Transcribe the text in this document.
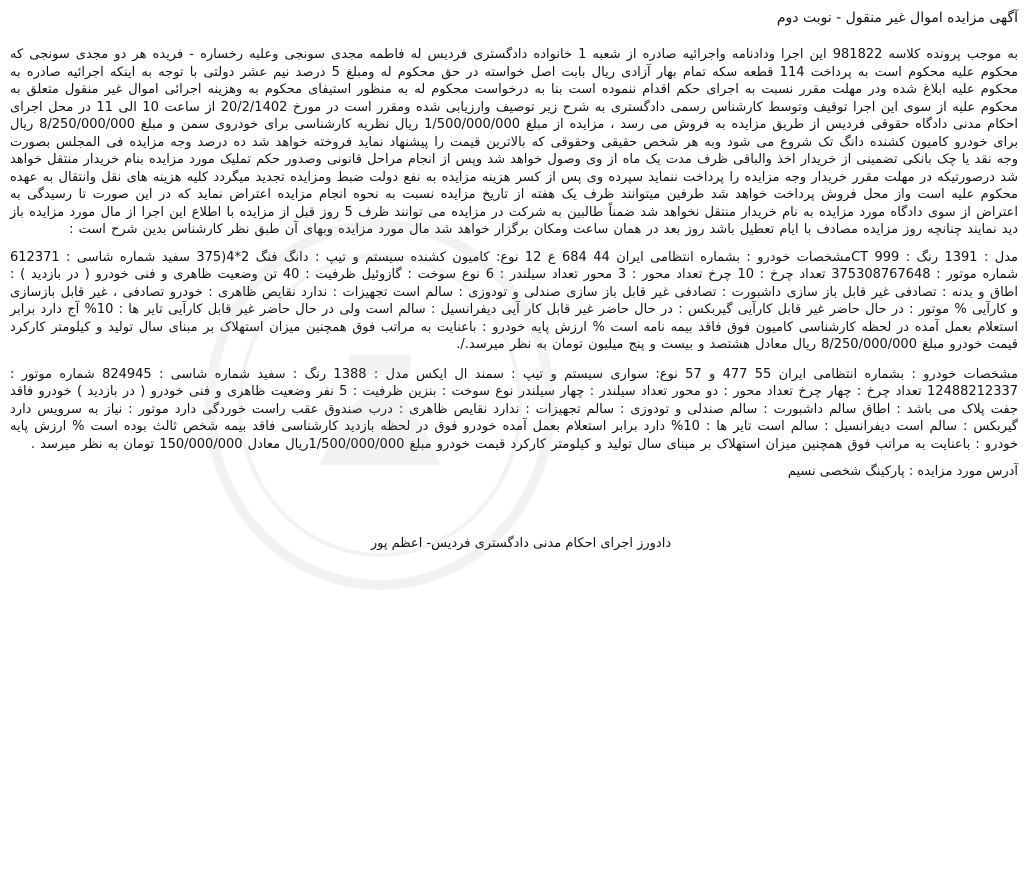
آگهی مزایده اموال غیر منقول - نوبت دوم
به موجب پرونده کلاسه 981822 این اجرا ودادنامه واجرائیه صادره از شعبه 1 خانواده دادگستری فردیس له فاطمه مجدی سونجی وعلیه رخساره - فریده هر دو مجدی سونجی که محکوم علیه محکوم است به پرداخت 114 قطعه سکه تمام بهار آزادی ریال بابت اصل خواسته در حق محکوم له ومبلغ 5 درصد نیم عشر دولتی با توجه به اینکه اجرائیه صادره به محکوم علیه ابلاغ شده ودر مهلت مقرر نسبت به اجرای حکم اقدام ننموده است بنا به درخواست محکوم له به منظور استیفای محکوم به وهزینه اجرائی اموال غیر منقول متعلق به محکوم علیه از سوی این اجرا توقیف وتوسط کارشناس رسمی دادگستری به شرح زیر توصیف وارزیابی شده ومقرر است در مورخ 20/2/1402 از ساعت 10 الی 11 در محل اجرای احکام مدنی دادگاه حقوقی فردیس از طریق مزایده به فروش می رسد ، مزایده از مبلغ 1/500/000/000 ریال نظریه کارشناسی برای خودروی سمن و مبلغ 8/250/000/000 ریال برای خودرو کامیون کشنده دانگ تک شروع می شود وبه هر شخص حقیقی وحقوقی که بالاترین قیمت را پیشنهاد نماید فروخته خواهد شد ده درصد وجه مزایده فی المجلس بصورت وجه نقد یا چک بانکی تضمینی از خریدار اخذ والباقی ظرف مدت یک ماه از وی وصول خواهد شد وپس از انجام مراحل قانونی وصدور حکم تملیک مورد مزایده بنام خریدار منتقل خواهد شد درصورتیکه در مهلت مقرر خریدار وجه مزایده را پرداخت ننماید سپرده وی پس از کسر هزینه مزایده به نفع دولت ضبط ومزایده تجدید میگردد کلیه هزینه های نقل وانتقال به عهده محکوم علیه است واز محل فروش پرداخت خواهد شد طرفین میتوانند ظرف یک هفته از تاریخ مزایده نسبت به نحوه انجام مزایده اعتراض نماید که در این صورت تا رسیدگی به اعتراض از سوی دادگاه مورد مزایده به نام خریدار منتقل نخواهد شد ضمناً طالبین به شرکت در مزایده می توانند ظرف 5 روز قبل از مزایده با اطلاع این اجرا از مال مورد مزایده باز دید نمایند چنانچه روز مزایده مصادف با ایام تعطیل باشد روز بعد در همان ساعت ومکان برگزار خواهد شد مال مورد مزایده وبهای آن طبق نظر کارشناس بدین شرح است :
مدل : 1391 رنگ : CT 999مشخصات خودرو : بشماره انتظامی ایران 44 684 ع 12 نوع: کامیون کشنده سیستم و تیپ : دانگ فنگ 2*4(375 سفید شماره شاسی : 612371 شماره موتور : 375308767648 تعداد چرخ : 10 چرخ تعداد محور : 3 محور تعداد سیلندر : 6 نوع سوخت : گازوئیل ظرفیت : 40 تن وضعیت ظاهری و فنی خودرو ( در بازدید ) : اطاق و بدنه : تصادفی غیر قابل باز سازی داشبورت : تصادفی غیر قابل باز سازی صندلی و تودوزی : سالم است تجهیزات : ندارد نقایص ظاهری : خودرو تصادفی ، غیر قابل بازسازی و کارآیی % موتور : در حال حاضر غیر قابل کارآیی گیربکس : در حال حاضر غیر قابل کار آیی دیفرانسیل : سالم است ولی در حال حاضر غیر قابل کارآیی تایر ها : 10% آج دارد برابر استعلام بعمل آمده در لحظه کارشناسی کامیون فوق فاقد بیمه نامه است % ارزش پایه خودرو : باعنایت به مراتب فوق همچنین میزان استهلاک بر مبنای سال تولید و کیلومتر کارکرد قیمت خودرو مبلغ 8/250/000/000 ریال معادل هشتصد و بیست و پنج میلیون تومان به نظر میرسد./.
مشخصات خودرو : بشماره انتظامی ایران 55 477 و 57 نوع: سواری سیستم و تیپ : سمند ال ایکس مدل : 1388 رنگ : سفید شماره شاسی : 824945 شماره موتور : 12488212337 تعداد چرخ : چهار چرخ تعداد محور : دو محور تعداد سیلندر : چهار سیلندر نوع سوخت : بنزین ظرفیت : 5 نفر وضعیت ظاهری و فنی خودرو ( در بازدید ) خودرو فاقد جفت پلاک می باشد : اطاق سالم داشبورت : سالم صندلی و تودوزی : سالم تجهیزات : ندارد نقایص ظاهری : درب صندوق عقب راست خوردگی دارد موتور : نیاز به سرویس دارد گیربکس : سالم است دیفرانسیل : سالم است تایر ها : 10% دارد برابر استعلام بعمل آمده خودرو فوق در لحظه بازدید کارشناسی فاقد بیمه شخص ثالث بوده است % ارزش پایه خودرو : باعنایت به مراتب فوق همچنین میزان استهلاک بر مبنای سال تولید و کیلومتر کارکرد قیمت خودرو مبلغ 1/500/000/000ریال معادل 150/000/000 تومان به نظر میرسد .
آدرس مورد مزایده : پارکینگ شخصی نسیم
دادورز اجرای احکام مدنی دادگستری فردیس- اعظم پور
